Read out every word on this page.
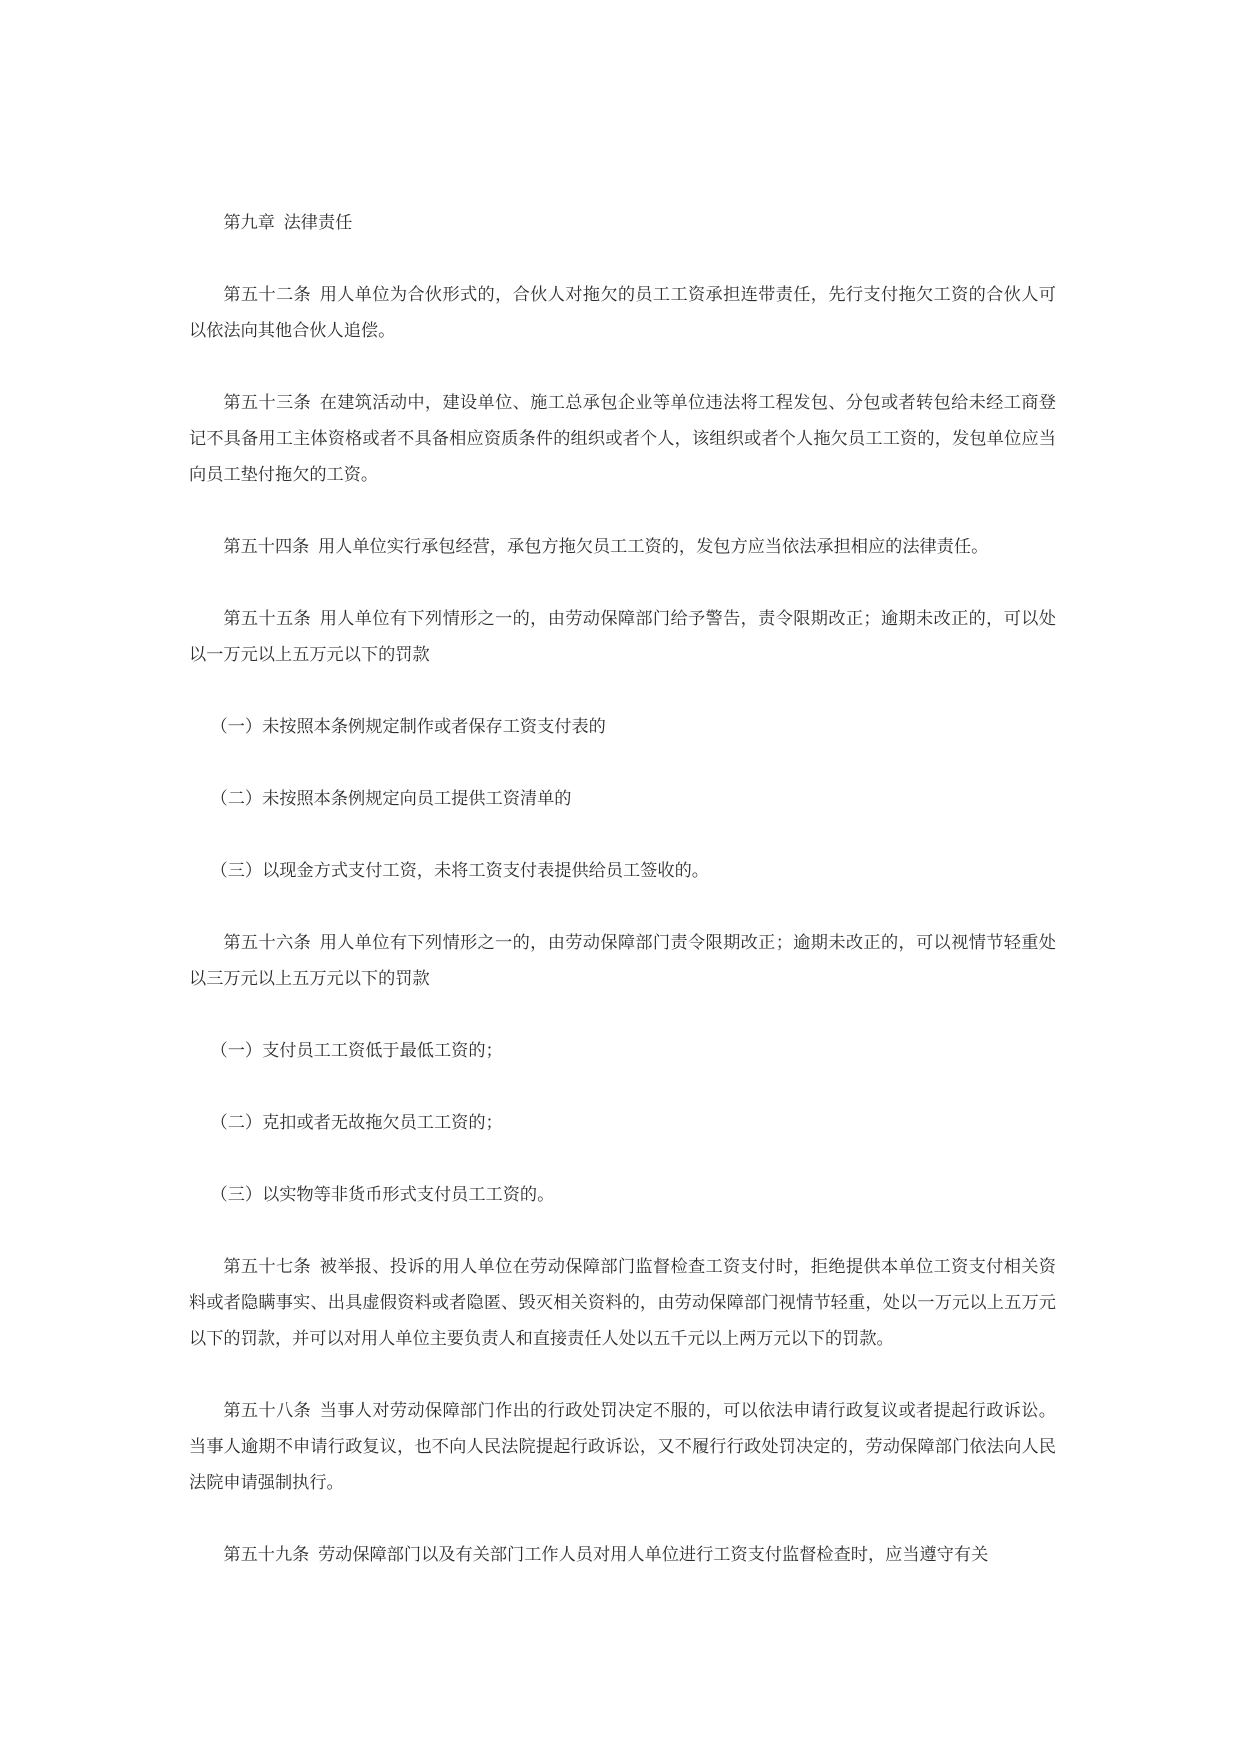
第九章 法律责任

第五十二条 用人单位为合伙形式的，合伙人对拖欠的员工工资承担连带责任，先行支付拖欠工资的合伙人可以依法向其他合伙人追偿。

第五十三条 在建筑活动中，建设单位、施工总承包企业等单位违法将工程发包、分包或者转包给未经工商登记不具备用工主体资格或者不具备相应资质条件的组织或者个人，该组织或者个人拖欠员工工资的，发包单位应当向员工垫付拖欠的工资。

第五十四条 用人单位实行承包经营，承包方拖欠员工工资的，发包方应当依法承担相应的法律责任。

第五十五条 用人单位有下列情形之一的，由劳动保障部门给予警告，责令限期改正；逾期未改正的，可以处以一万元以上五万元以下的罚款

（一）未按照本条例规定制作或者保存工资支付表的

（二）未按照本条例规定向员工提供工资清单的

（三）以现金方式支付工资，未将工资支付表提供给员工签收的。

第五十六条 用人单位有下列情形之一的，由劳动保障部门责令限期改正；逾期未改正的，可以视情节轻重处以三万元以上五万元以下的罚款

（一）支付员工工资低于最低工资的；

（二）克扣或者无故拖欠员工工资的；

（三）以实物等非货币形式支付员工工资的。

第五十七条 被举报、投诉的用人单位在劳动保障部门监督检查工资支付时，拒绝提供本单位工资支付相关资料或者隐瞒事实、出具虚假资料或者隐匿、毁灭相关资料的，由劳动保障部门视情节轻重，处以一万元以上五万元以下的罚款，并可以对用人单位主要负责人和直接责任人处以五千元以上两万元以下的罚款。

第五十八条 当事人对劳动保障部门作出的行政处罚决定不服的，可以依法申请行政复议或者提起行政诉讼。当事人逾期不申请行政复议，也不向人民法院提起行政诉讼，又不履行行政处罚决定的，劳动保障部门依法向人民法院申请强制执行。

第五十九条 劳动保障部门以及有关部门工作人员对用人单位进行工资支付监督检查时，应当遵守有关
